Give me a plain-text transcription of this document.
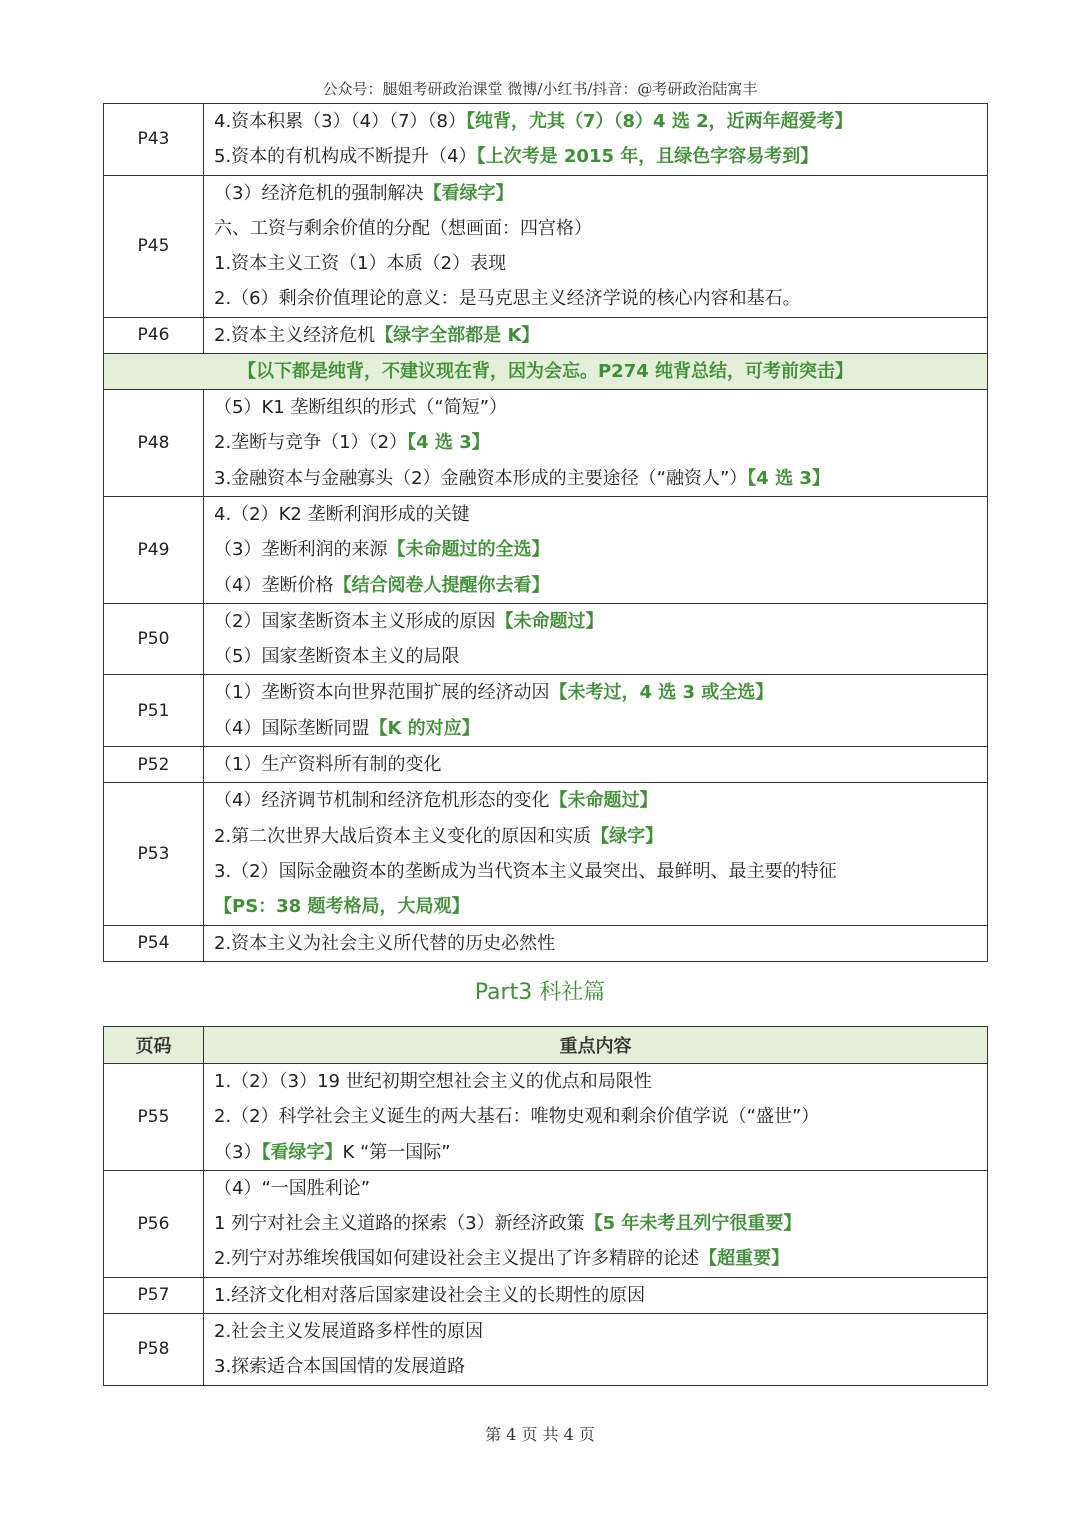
公众号：腿姐考研政治课堂 微博/小红书/抖音：@考研政治陆寓丰
P43	4.资本积累（3）（4）（7）（8）【纯背，尤其（7）（8）4 选 2，近两年超爱考】
5.资本的有机构成不断提升（4）【上次考是 2015 年，且绿色字容易考到】

P45	（3）经济危机的强制解决【看绿字】
六、工资与剩余价值的分配（想画面：四宫格）
1.资本主义工资（1）本质（2）表现
2.（6）剩余价值理论的意义：是马克思主义经济学说的核心内容和基石。

P46	2.资本主义经济危机【绿字全部都是 K】

【以下都是纯背，不建议现在背，因为会忘。P274 纯背总结，可考前突击】	
P48	（5）K1 垄断组织的形式（“简短”）
2.垄断与竞争（1）（2）【4 选 3】
3.金融资本与金融寡头（2）金融资本形成的主要途径（“融资人”）【4 选 3】

P49	4.（2）K2 垄断利润形成的关键
（3）垄断利润的来源【未命题过的全选】
（4）垄断价格【结合阅卷人提醒你去看】

P50	（2）国家垄断资本主义形成的原因【未命题过】
（5）国家垄断资本主义的局限

P51	（1）垄断资本向世界范围扩展的经济动因【未考过，4 选 3 或全选】
（4）国际垄断同盟【K 的对应】

P52	（1）生产资料所有制的变化

P53	（4）经济调节机制和经济危机形态的变化【未命题过】
2.第二次世界大战后资本主义变化的原因和实质【绿字】
3.（2）国际金融资本的垄断成为当代资本主义最突出、最鲜明、最主要的特征
【PS：38 题考格局，大局观】

P54	2.资本主义为社会主义所代替的历史必然性
Part3 科社篇
页码	重点内容
P55	1.（2）（3）19 世纪初期空想社会主义的优点和局限性
2.（2）科学社会主义诞生的两大基石：唯物史观和剩余价值学说（“盛世”）
（3）【看绿字】K “第一国际”

P56	（4）“一国胜利论”
1 列宁对社会主义道路的探索（3）新经济政策【5 年未考且列宁很重要】
2.列宁对苏维埃俄国如何建设社会主义提出了许多精辟的论述【超重要】

P57	1.经济文化相对落后国家建设社会主义的长期性的原因

P58	2.社会主义发展道路多样性的原因
3.探索适合本国国情的发展道路
第 4 页 共 4 页
